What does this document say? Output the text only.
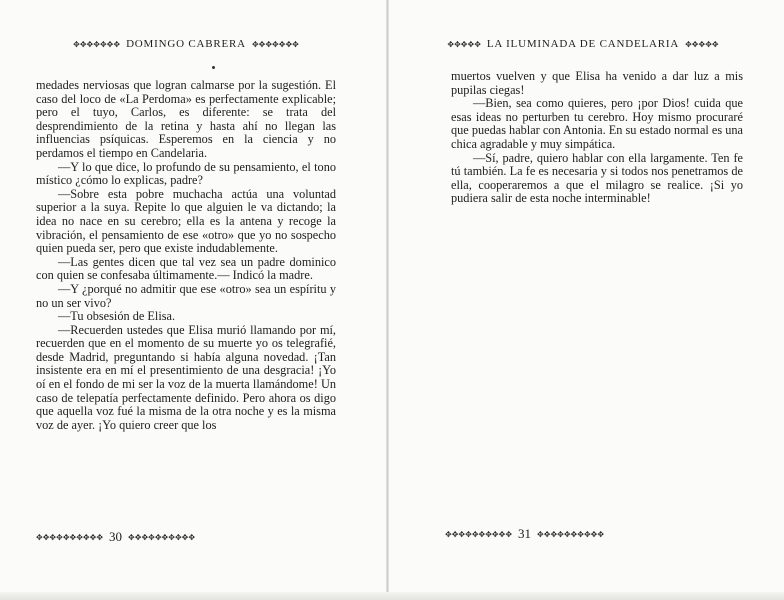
✥✥✥✥✥✥✥ DOMINGO CABRERA ✥✥✥✥✥✥✥

medades nerviosas que logran calmarse por la sugestión. El caso del loco de «La Perdoma» es perfectamente explicable; pero el tuyo, Carlos, es diferente: se trata del desprendimiento de la retina y hasta ahí no llegan las influencias psíquicas. Esperemos en la ciencia y no perdamos el tiempo en Candelaria.

—Y lo que dice, lo profundo de su pensamiento, el tono místico ¿cómo lo explicas, padre?

—Sobre esta pobre muchacha actúa una voluntad superior a la suya. Repite lo que alguien le va dictando; la idea no nace en su cerebro; ella es la antena y recoge la vibración, el pensamiento de ese «otro» que yo no sospecho quien pueda ser, pero que existe indudablemente.

—Las gentes dicen que tal vez sea un padre dominico con quien se confesaba últimamente.— Indicó la madre.

—Y ¿porqué no admitir que ese «otro» sea un espíritu y no un ser vivo?

—Tu obsesión de Elisa.

—Recuerden ustedes que Elisa murió llamando por mí, recuerden que en el momento de su muerte yo os telegrafié, desde Madrid, preguntando si había alguna novedad. ¡Tan insistente era en mí el presentimiento de una desgracia! ¡Yo oí en el fondo de mi ser la voz de la muerta llamándome! Un caso de telepatía perfectamente definido. Pero ahora os digo que aquella voz fué la misma de la otra noche y es la misma voz de ayer. ¡Yo quiero creer que los

✥✥✥✥✥✥✥✥✥✥ 30 ✥✥✥✥✥✥✥✥✥✥
✥✥✥✥✥ LA ILUMINADA DE CANDELARIA ✥✥✥✥✥

muertos vuelven y que Elisa ha venido a dar luz a mis pupilas ciegas!

—Bien, sea como quieres, pero ¡por Dios! cuida que esas ideas no perturben tu cerebro. Hoy mismo procuraré que puedas hablar con Antonia. En su estado normal es una chica agradable y muy simpática.

—Sí, padre, quiero hablar con ella largamente. Ten fe tú también. La fe es necesaria y si todos nos penetramos de ella, cooperaremos a que el milagro se realice. ¡Si yo pudiera salir de esta noche interminable!

✥✥✥✥✥✥✥✥✥✥ 31 ✥✥✥✥✥✥✥✥✥✥
